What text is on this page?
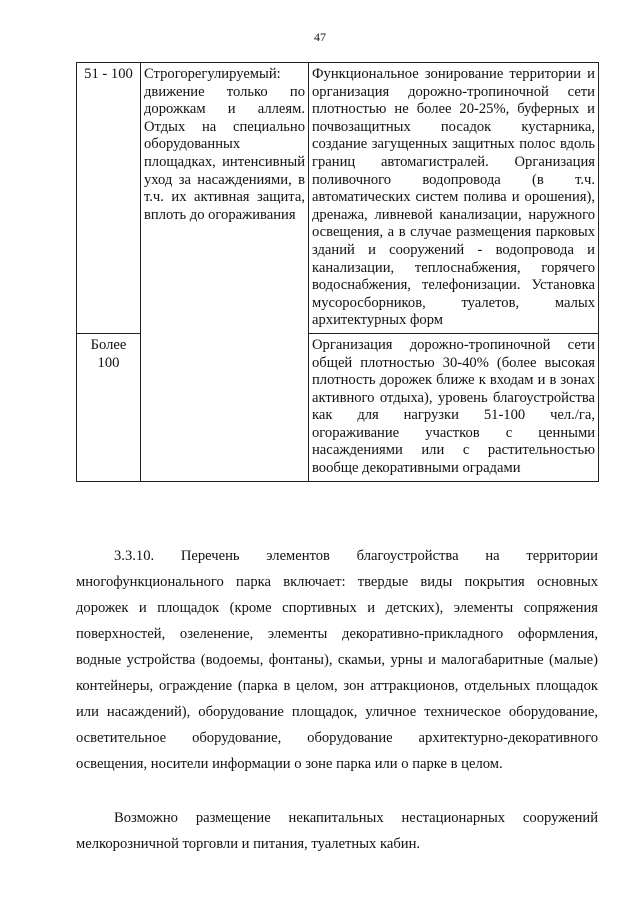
47
51 - 100	Строгорегулируемый: движение только по дорожкам и аллеям. Отдых на специально оборудованных площадках, интенсивный уход за насаждениями, в т.ч. их активная защита, вплоть до огораживания	Функциональное зонирование территории и организация дорожно-тропиночной сети плотностью не более 20-25%, буферных и почвозащитных посадок кустарника, создание загущенных защитных полос вдоль границ автомагистралей. Организация поливочного водопровода (в т.ч. автоматических систем полива и орошения), дренажа, ливневой канализации, наружного освещения, а в случае размещения парковых зданий и сооружений - водопровода и канализации, теплоснабжения, горячего водоснабжения, телефонизации. Установка мусоросборников, туалетов, малых архитектурных форм
Более 100		Организация дорожно-тропиночной сети общей плотностью 30-40% (более высокая плотность дорожек ближе к входам и в зонах активного отдыха), уровень благоустройства как для нагрузки 51-100 чел./га, огораживание участков с ценными насаждениями или с растительностью вообще декоративными оградами

3.3.10. Перечень элементов благоустройства на территории многофункционального парка включает: твердые виды покрытия основных дорожек и площадок (кроме спортивных и детских), элементы сопряжения поверхностей, озеленение, элементы декоративно-прикладного оформления, водные устройства (водоемы, фонтаны), скамьи, урны и малогабаритные (малые) контейнеры, ограждение (парка в целом, зон аттракционов, отдельных площадок или насаждений), оборудование площадок, уличное техническое оборудование, осветительное оборудование, оборудование архитектурно-декоративного освещения, носители информации о зоне парка или о парке в целом.

Возможно размещение некапитальных нестационарных сооружений мелкорозничной торговли и питания, туалетных кабин.
